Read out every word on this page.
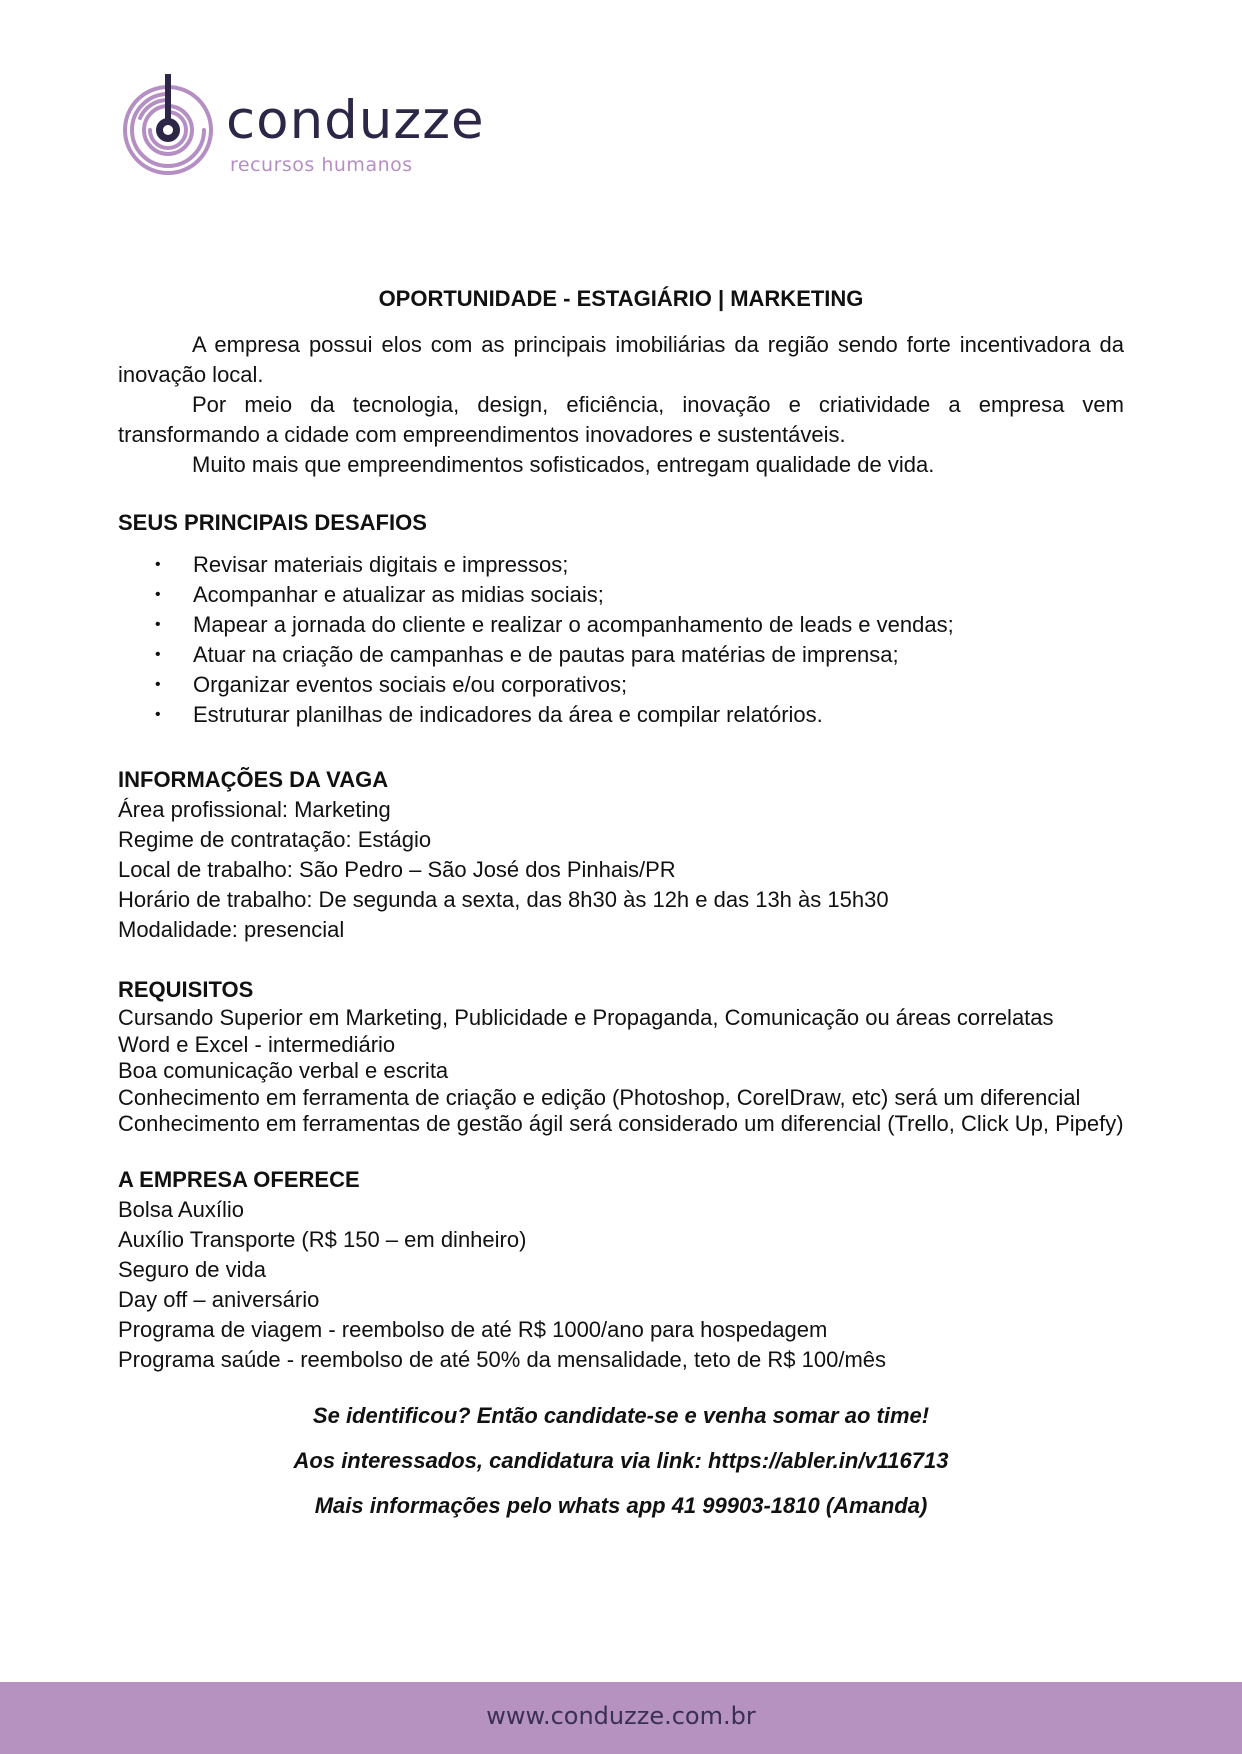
conduzze
recursos humanos
OPORTUNIDADE - ESTAGIÁRIO | MARKETING

A empresa possui elos com as principais imobiliárias da região sendo forte incentivadora da inovação local.

Por meio da tecnologia, design, eficiência, inovação e criatividade a empresa vem transformando a cidade com empreendimentos inovadores e sustentáveis.

Muito mais que empreendimentos sofisticados, entregam qualidade de vida.

SEUS PRINCIPAIS DESAFIOS
• Revisar materiais digitais e impressos;
• Acompanhar e atualizar as midias sociais;
• Mapear a jornada do cliente e realizar o acompanhamento de leads e vendas;
• Atuar na criação de campanhas e de pautas para matérias de imprensa;
• Organizar eventos sociais e/ou corporativos;
• Estruturar planilhas de indicadores da área e compilar relatórios.
INFORMAÇÕES DA VAGA
Área profissional: Marketing
Regime de contratação: Estágio
Local de trabalho: São Pedro – São José dos Pinhais/PR
Horário de trabalho: De segunda a sexta, das 8h30 às 12h e das 13h às 15h30
Modalidade: presencial
REQUISITOS
Cursando Superior em Marketing, Publicidade e Propaganda, Comunicação ou áreas correlatas
Word e Excel - intermediário
Boa comunicação verbal e escrita
Conhecimento em ferramenta de criação e edição (Photoshop, CorelDraw, etc) será um diferencial
Conhecimento em ferramentas de gestão ágil será considerado um diferencial (Trello, Click Up, Pipefy)
A EMPRESA OFERECE
Bolsa Auxílio
Auxílio Transporte (R$ 150 – em dinheiro)
Seguro de vida
Day off – aniversário
Programa de viagem - reembolso de até R$ 1000/ano para hospedagem
Programa saúde - reembolso de até 50% da mensalidade, teto de R$ 100/mês
Se identificou? Então candidate-se e venha somar ao time!
Aos interessados, candidatura via link: https://abler.in/v116713
Mais informações pelo whats app 41 99903-1810 (Amanda)
www.conduzze.com.br
